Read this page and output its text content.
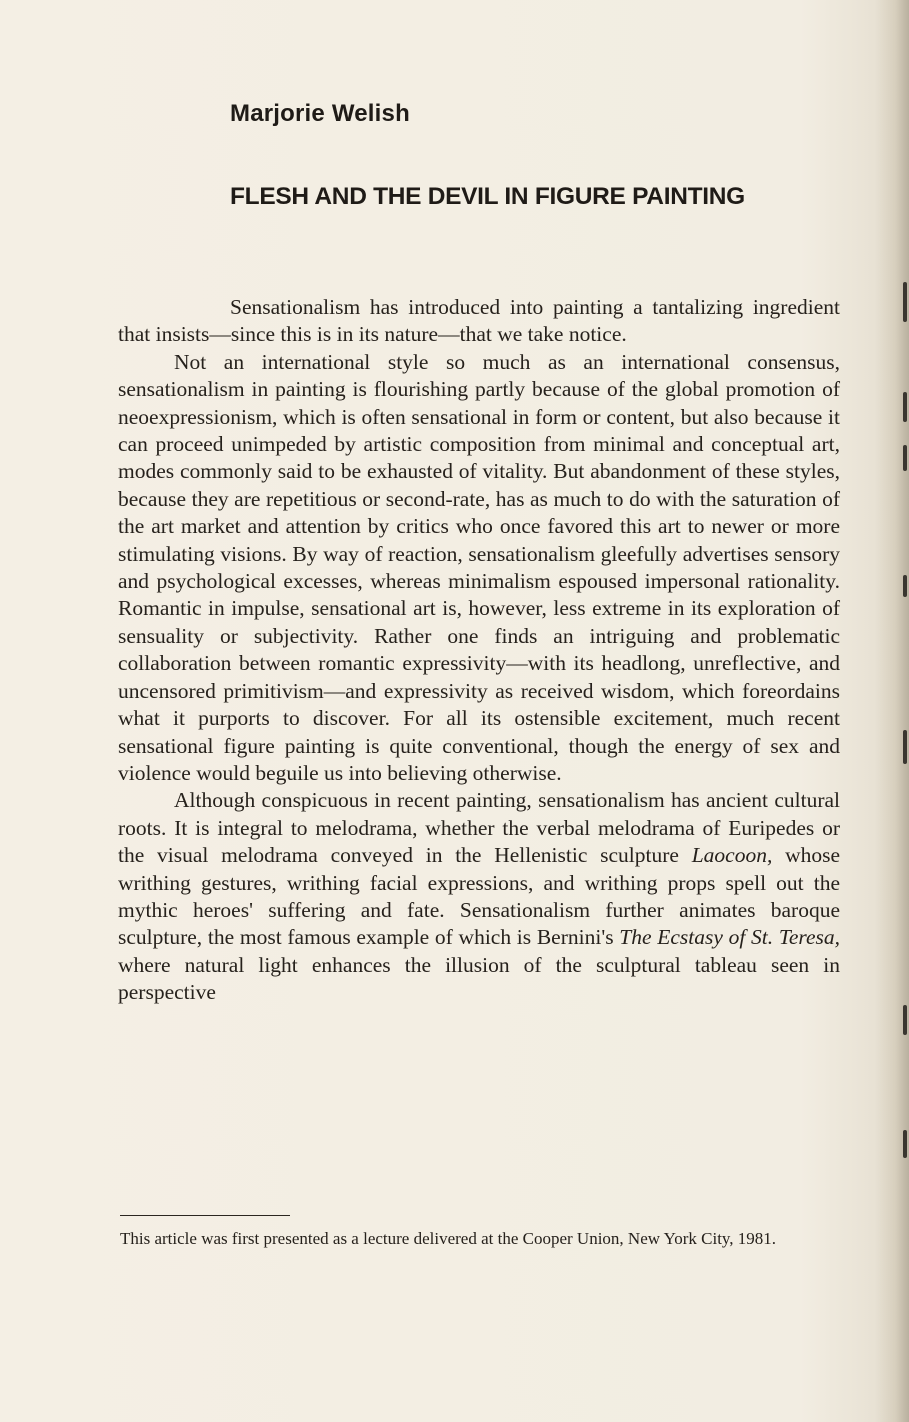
Marjorie Welish
FLESH AND THE DEVIL IN FIGURE PAINTING

Sensationalism has introduced into painting a tantalizing ingredient that insists—since this is in its nature—that we take notice.

Not an international style so much as an international consensus, sensationalism in painting is flourishing partly because of the global promotion of neoexpressionism, which is often sensational in form or content, but also because it can proceed unimpeded by artistic composition from minimal and conceptual art, modes commonly said to be exhausted of vitality. But abandonment of these styles, because they are repetitious or second-rate, has as much to do with the saturation of the art market and attention by critics who once favored this art to newer or more stimulating visions. By way of reaction, sensationalism gleefully advertises sensory and psychological excesses, whereas minimalism espoused impersonal rationality. Romantic in impulse, sensational art is, however, less extreme in its exploration of sensuality or subjectivity. Rather one finds an intriguing and problematic collaboration between romantic expressivity—with its headlong, unreflective, and uncensored primitivism—and expressivity as received wisdom, which foreordains what it purports to discover. For all its ostensible excitement, much recent sensational figure painting is quite conventional, though the energy of sex and violence would beguile us into believing otherwise.

Although conspicuous in recent painting, sensationalism has ancient cultural roots. It is integral to melodrama, whether the verbal melodrama of Euripedes or the visual melodrama conveyed in the Hellenistic sculpture Laocoon, whose writhing gestures, writhing facial expressions, and writhing props spell out the mythic heroes' suffering and fate. Sensationalism further animates baroque sculpture, the most famous example of which is Bernini's The Ecstasy of St. Teresa, where natural light enhances the illusion of the sculptural tableau seen in perspective

This article was first presented as a lecture delivered at the Cooper Union, New York City, 1981.
